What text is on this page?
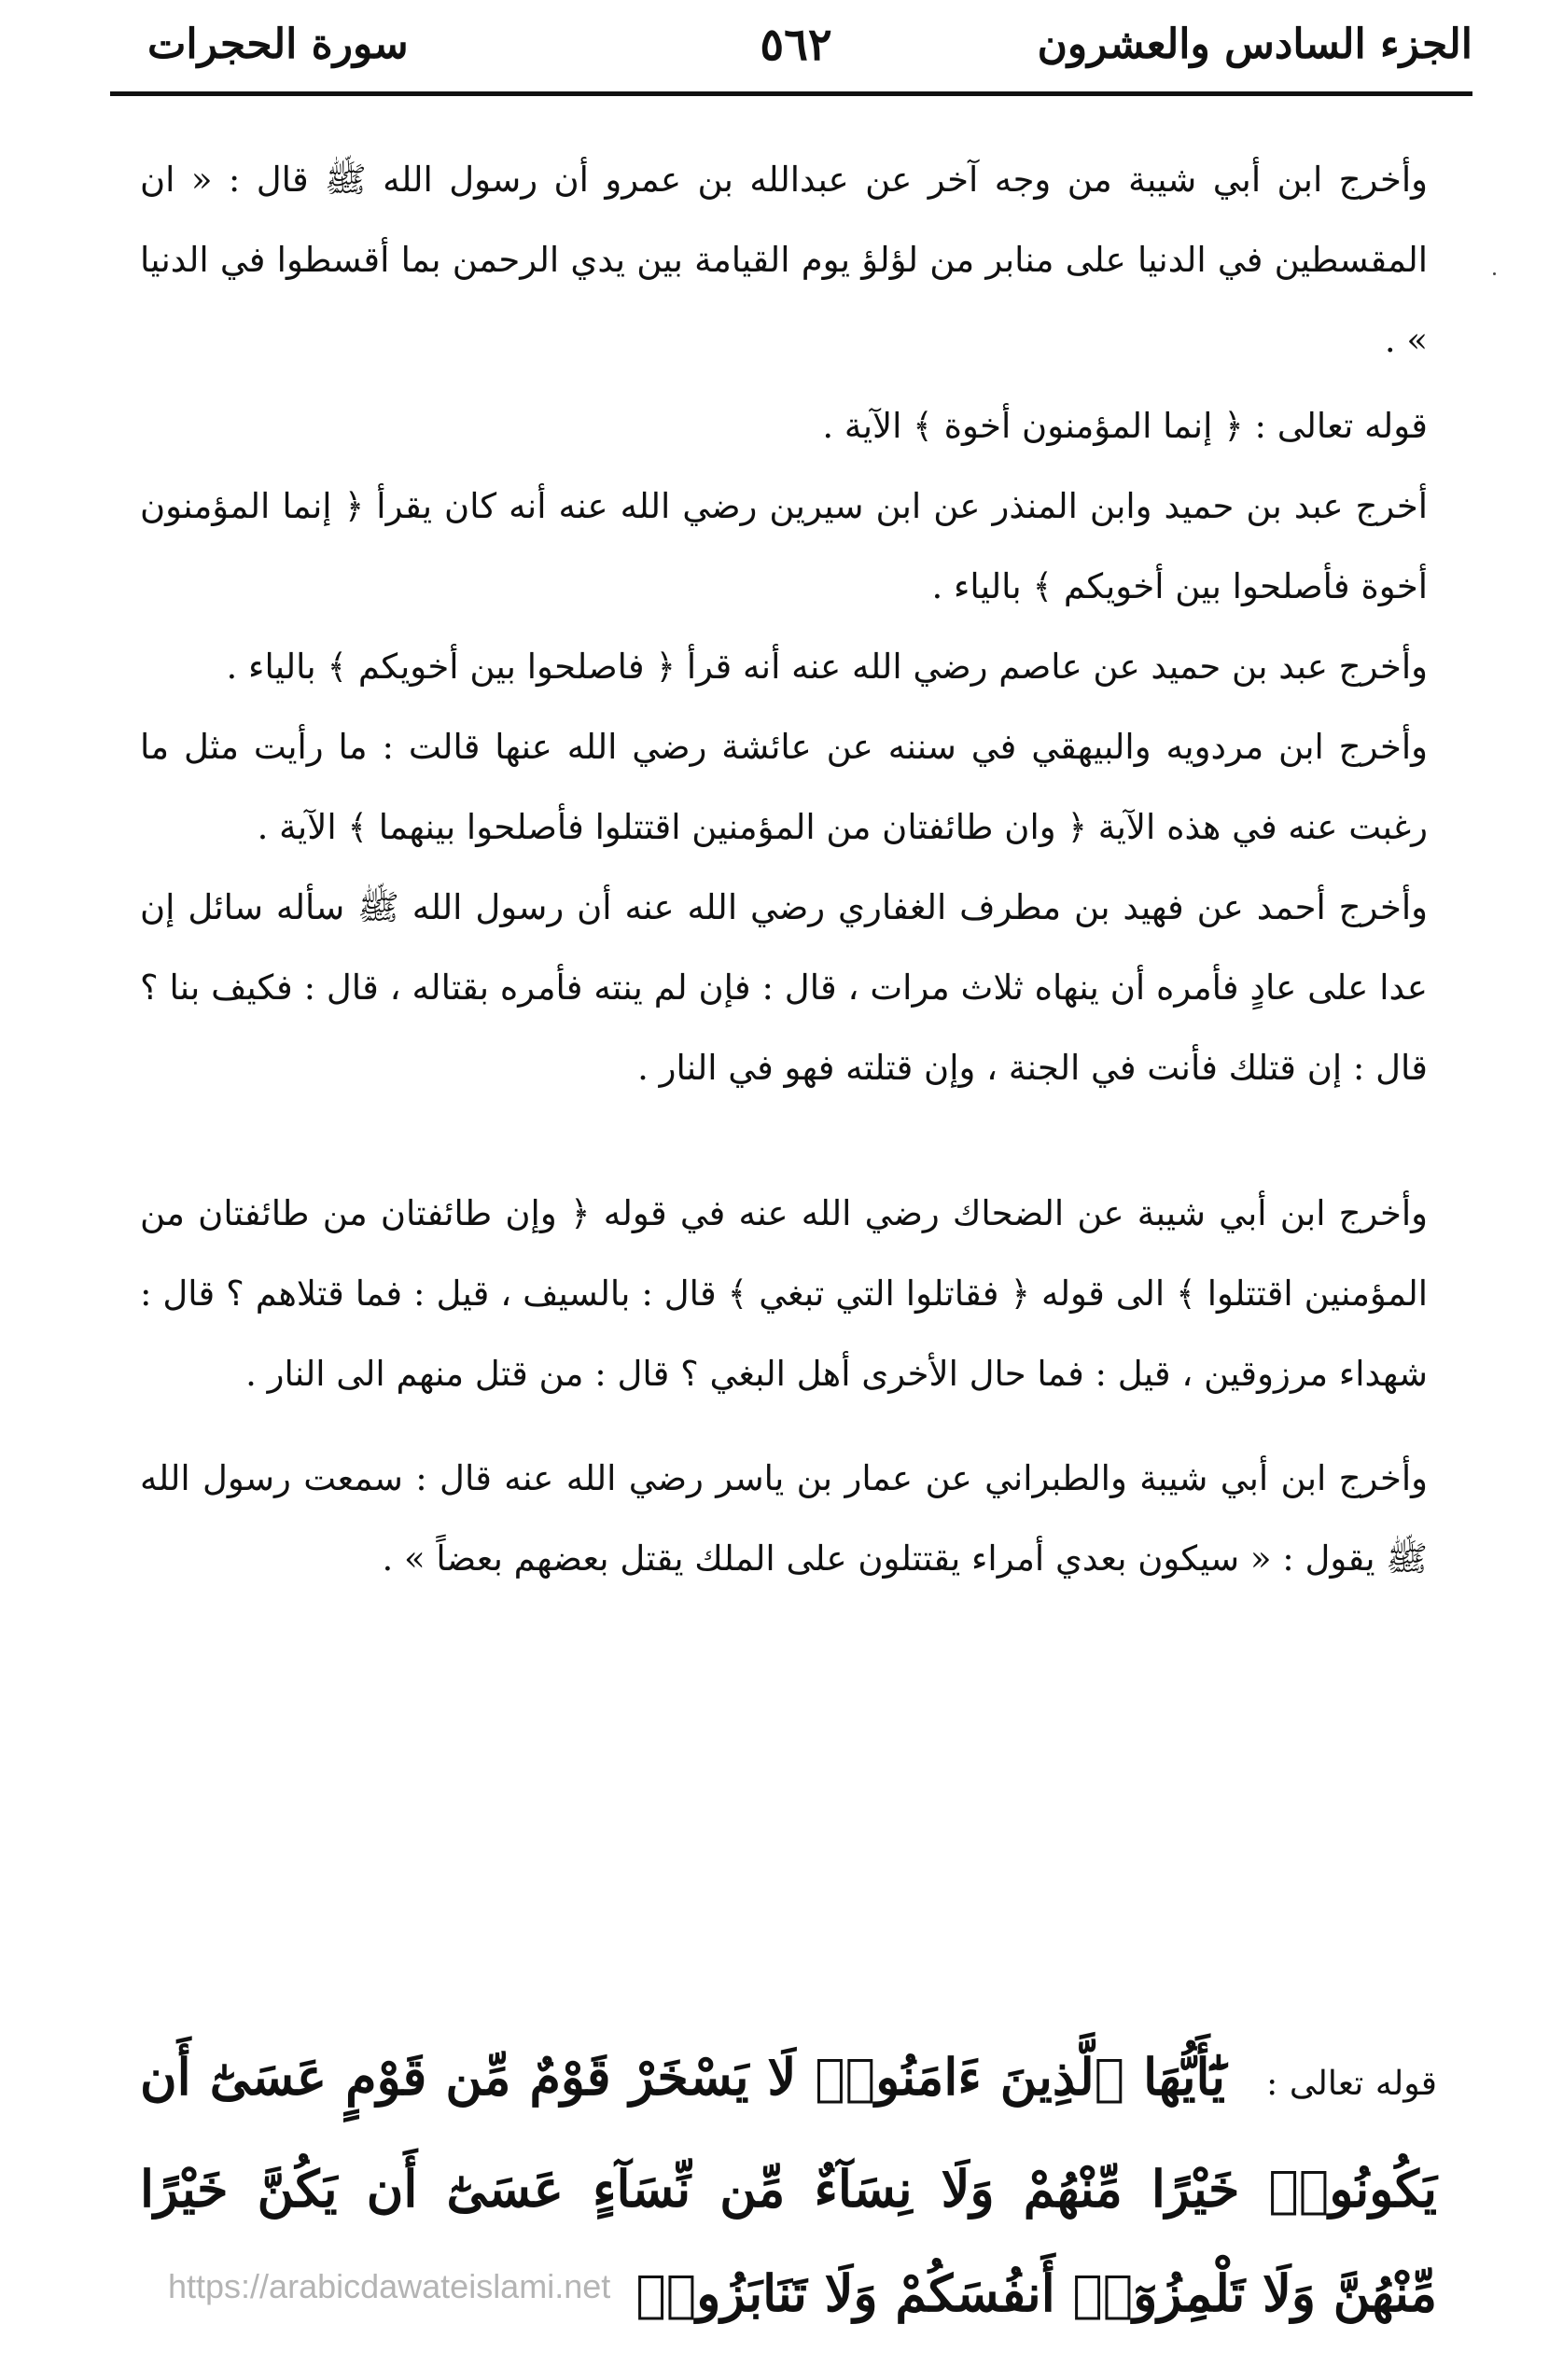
الجزء السادس والعشرون
٥٦٢
سورة الحجرات

وأخرج ابن أبي شيبة من وجه آخر عن عبدالله بن عمرو أن رسول الله ﷺ قال : « ان المقسطين في الدنيا على منابر من لؤلؤ يوم القيامة بين يدي الرحمن بما أقسطوا في الدنيا » .

قوله تعالى : ﴿ إنما المؤمنون أخوة ﴾ الآية .

أخرج عبد بن حميد وابن المنذر عن ابن سيرين رضي الله عنه أنه كان يقرأ ﴿ إنما المؤمنون أخوة فأصلحوا بين أخويكم ﴾ بالياء .

وأخرج عبد بن حميد عن عاصم رضي الله عنه أنه قرأ ﴿ فاصلحوا بين أخويكم ﴾ بالياء .

وأخرج ابن مردويه والبيهقي في سننه عن عائشة رضي الله عنها قالت : ما رأيت مثل ما رغبت عنه في هذه الآية ﴿ وان طائفتان من المؤمنين اقتتلوا فأصلحوا بينهما ﴾ الآية .

وأخرج أحمد عن فهيد بن مطرف الغفاري رضي الله عنه أن رسول الله ﷺ سأله سائل إن عدا على عادٍ فأمره أن ينهاه ثلاث مرات ، قال : فإن لم ينته فأمره بقتاله ، قال : فكيف بنا ؟ قال : إن قتلك فأنت في الجنة ، وإن قتلته فهو في النار .

وأخرج ابن أبي شيبة عن الضحاك رضي الله عنه في قوله ﴿ وإن طائفتان من طائفتان من المؤمنين اقتتلوا ﴾ الى قوله ﴿ فقاتلوا التي تبغي ﴾ قال : بالسيف ، قيل : فما قتلاهم ؟ قال : شهداء مرزوقين ، قيل : فما حال الأخرى أهل البغي ؟ قال : من قتل منهم الى النار .

وأخرج ابن أبي شيبة والطبراني عن عمار بن ياسر رضي الله عنه قال : سمعت رسول الله ﷺ يقول : « سيكون بعدي أمراء يقتتلون على الملك يقتل بعضهم بعضاً » .

قوله تعالى : يَٰٓأَيُّهَا ٱلَّذِينَ ءَامَنُوا۟ لَا يَسْخَرْ قَوْمٌ مِّن قَوْمٍ عَسَىٰٓ أَن يَكُونُوا۟ خَيْرًا مِّنْهُمْ وَلَا نِسَآءٌ مِّن نِّسَآءٍ عَسَىٰٓ أَن يَكُنَّ خَيْرًا مِّنْهُنَّ وَلَا تَلْمِزُوٓا۟ أَنفُسَكُمْ وَلَا تَنَابَزُوا۟
https://arabicdawateislami.net
